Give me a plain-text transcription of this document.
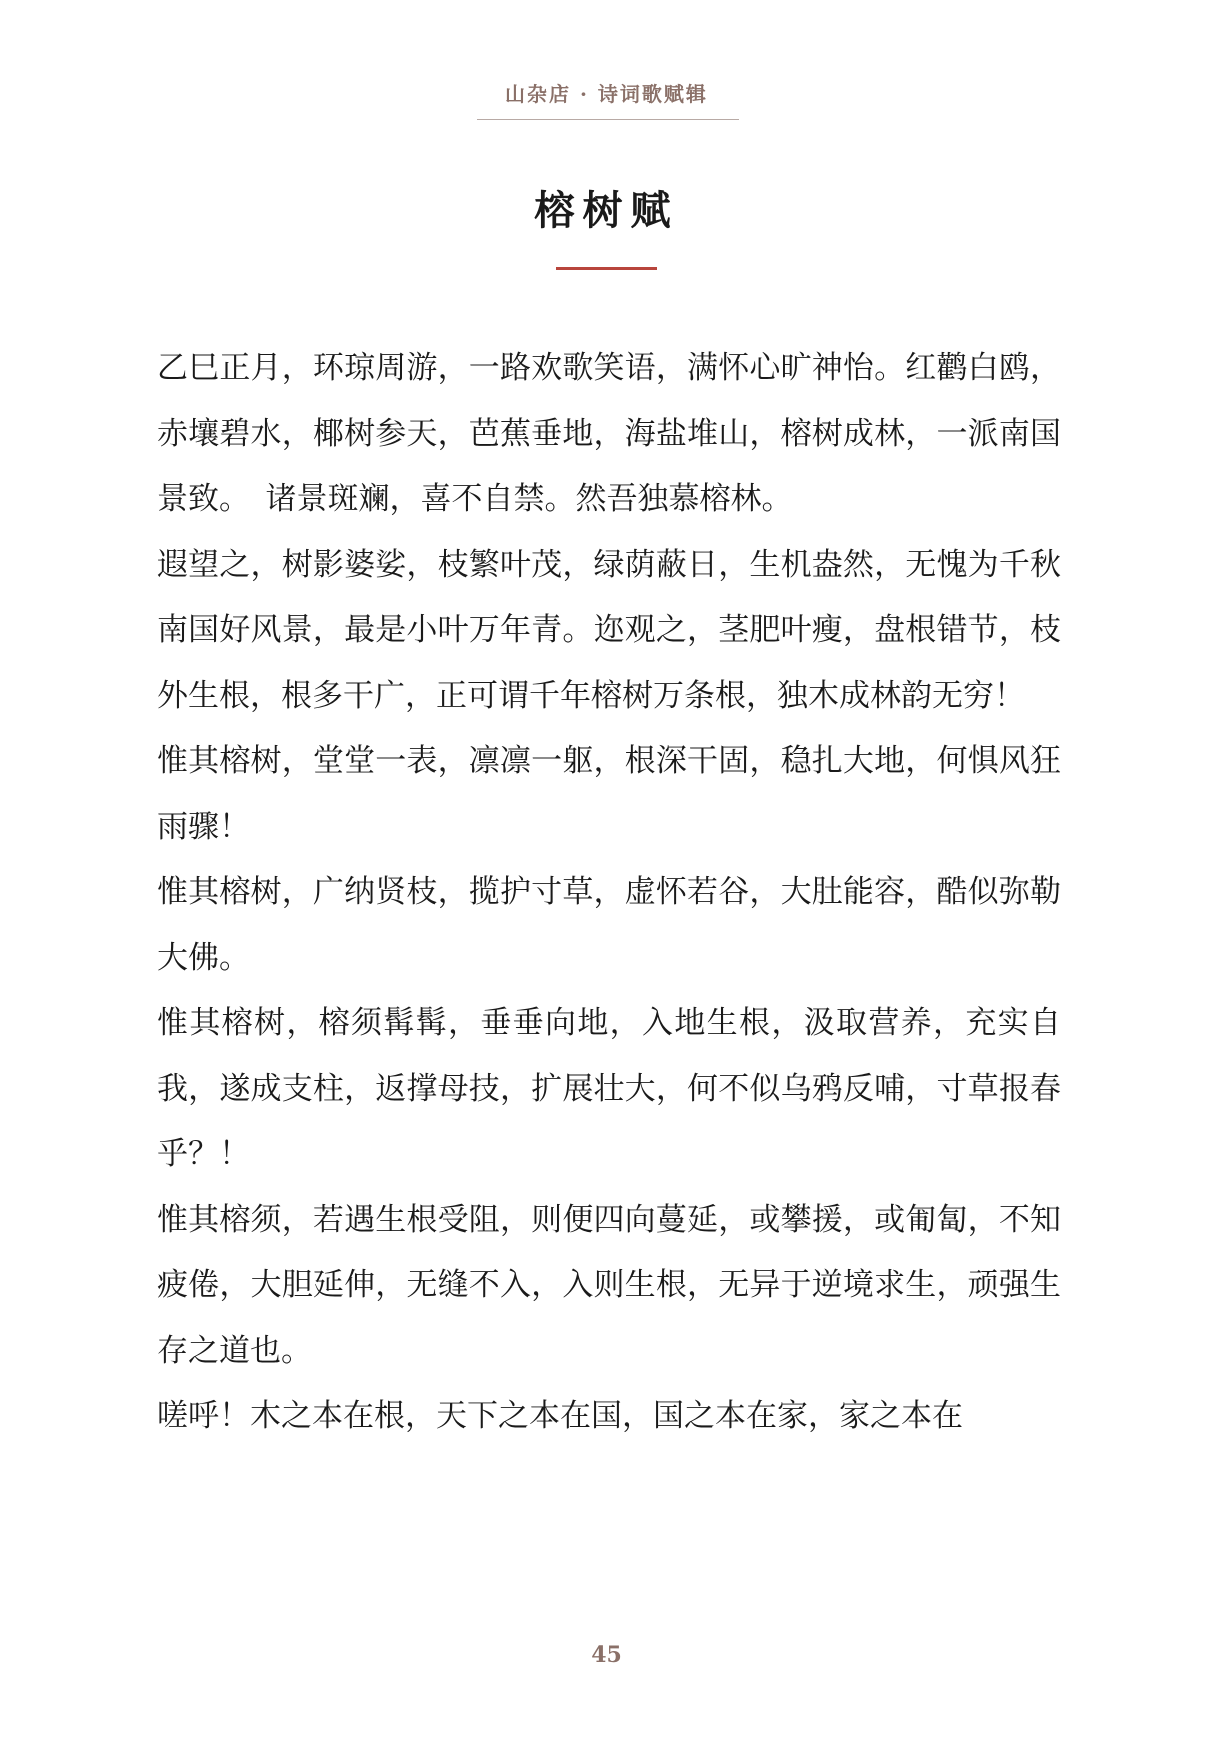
山杂店 · 诗词歌赋辑
榕树赋

乙巳正月，环琼周游，一路欢歌笑语，满怀心旷神怡。红鹳白鸥，赤壤碧水，椰树参天，芭蕉垂地，海盐堆山，榕树成林，一派南国景致。　诸景斑斓，喜不自禁。然吾独慕榕林。

遐望之，树影婆娑，枝繁叶茂，绿荫蔽日，生机盎然，无愧为千秋南国好风景，最是小叶万年青。迩观之，茎肥叶瘦，盘根错节，枝外生根，根多干广，正可谓千年榕树万条根，独木成林韵无穷！

惟其榕树，堂堂一表，凛凛一躯，根深干固，稳扎大地，何惧风狂雨骤！

惟其榕树，广纳贤枝，揽护寸草，虚怀若谷，大肚能容，酷似弥勒大佛。

惟其榕树，榕须髯髯，垂垂向地，入地生根，汲取营养，充实自我，遂成支柱，返撑母技，扩展壮大，何不似乌鸦反哺，寸草报春乎？！

惟其榕须，若遇生根受阻，则便四向蔓延，或攀援，或匍匐，不知疲倦，大胆延伸，无缝不入，入则生根，无异于逆境求生，顽强生存之道也。

嗟呼！木之本在根，天下之本在国，国之本在家，家之本在

45
